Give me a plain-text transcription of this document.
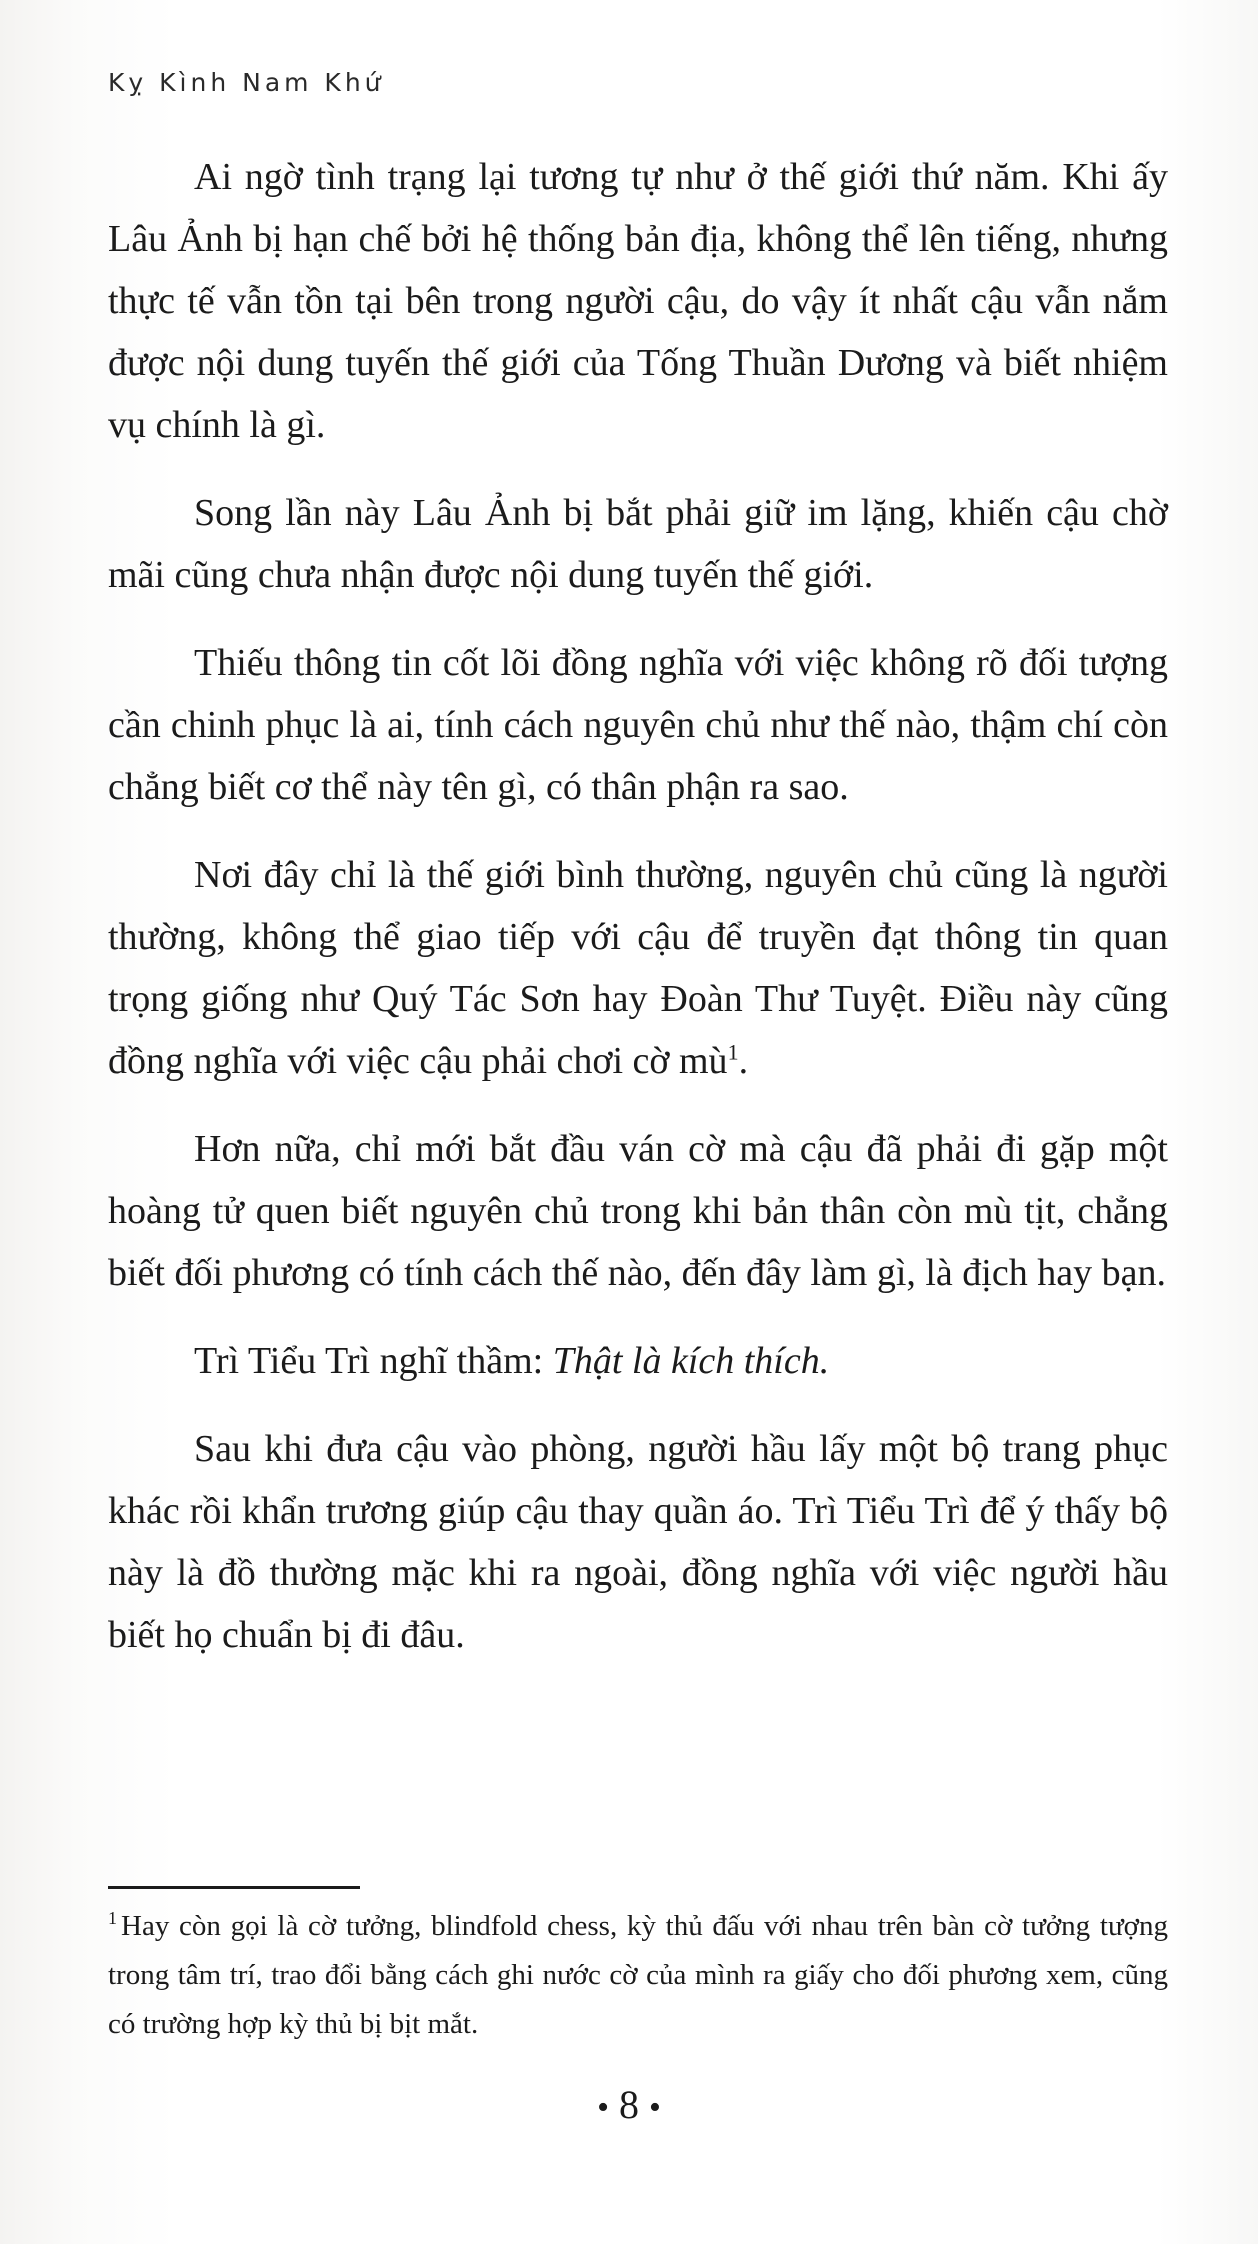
Kỵ Kình Nam Khứ

Ai ngờ tình trạng lại tương tự như ở thế giới thứ năm. Khi ấy Lâu Ảnh bị hạn chế bởi hệ thống bản địa, không thể lên tiếng, nhưng thực tế vẫn tồn tại bên trong người cậu, do vậy ít nhất cậu vẫn nắm được nội dung tuyến thế giới của Tống Thuần Dương và biết nhiệm vụ chính là gì.

Song lần này Lâu Ảnh bị bắt phải giữ im lặng, khiến cậu chờ mãi cũng chưa nhận được nội dung tuyến thế giới.

Thiếu thông tin cốt lõi đồng nghĩa với việc không rõ đối tượng cần chinh phục là ai, tính cách nguyên chủ như thế nào, thậm chí còn chẳng biết cơ thể này tên gì, có thân phận ra sao.

Nơi đây chỉ là thế giới bình thường, nguyên chủ cũng là người thường, không thể giao tiếp với cậu để truyền đạt thông tin quan trọng giống như Quý Tác Sơn hay Đoàn Thư Tuyệt. Điều này cũng đồng nghĩa với việc cậu phải chơi cờ $mù^1$.

Hơn nữa, chỉ mới bắt đầu ván cờ mà cậu đã phải đi gặp một hoàng tử quen biết nguyên chủ trong khi bản thân còn mù tịt, chẳng biết đối phương có tính cách thế nào, đến đây làm gì, là địch hay bạn.

Trì Tiểu Trì nghĩ thầm: Thật là kích thích.

Sau khi đưa cậu vào phòng, người hầu lấy một bộ trang phục khác rồi khẩn trương giúp cậu thay quần áo. Trì Tiểu Trì để ý thấy bộ này là đồ thường mặc khi ra ngoài, đồng nghĩa với việc người hầu biết họ chuẩn bị đi đâu.

$^1$ Hay còn gọi là cờ tưởng, blindfold chess, kỳ thủ đấu với nhau trên bàn cờ tưởng tượng trong tâm trí, trao đổi bằng cách ghi nước cờ của mình ra giấy cho đối phương xem, cũng có trường hợp kỳ thủ bị bịt mắt.

• 8 •
